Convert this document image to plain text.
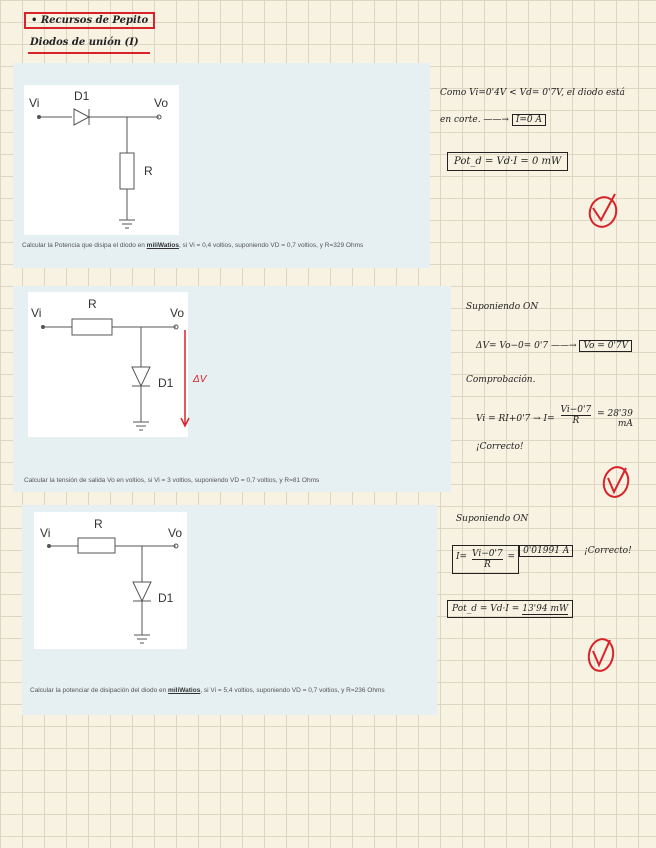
• Recursos de Pepito
Diodos de unión (I)
Vi	D1	Vo
R
Calcular la Potencia que disipa el diodo en miliWatios, si Vi = 0,4 voltios, suponiendo VD = 0,7 voltios, y R=329 Ohms
Como Vi=0'4V < Vd= 0'7V, el diodo está
en corte. ——→ I=0 A
Pot_d = Vd·I = 0 mW
Vi
R
Vo
D1 ΔV
Calcular la tensión de salida Vo en voltios, si Vi = 3 voltios, suponiendo VD = 0,7 voltios, y R=81 Ohms
Suponiendo ON
ΔV= Vo−0= 0'7 ——→ Vo = 0'7V
Comprobación.
$Vi = RI+0'7 \to I= \frac{Vi-0'7}{R}$
= 28'39
mA
¡Correcto!
Vi
R
Vo
D1
Calcular la potenciar de disipación del diodo en miliWatios, si Vi = 5,4 voltios, suponiendo VD = 0,7 voltios, y R=236 Ohms
Suponiendo ON
$I= \frac{Vi-0'7}{R} =0'01991$ A ¡Correcto!
Pot_d = Vd·I = 13'94 mW
